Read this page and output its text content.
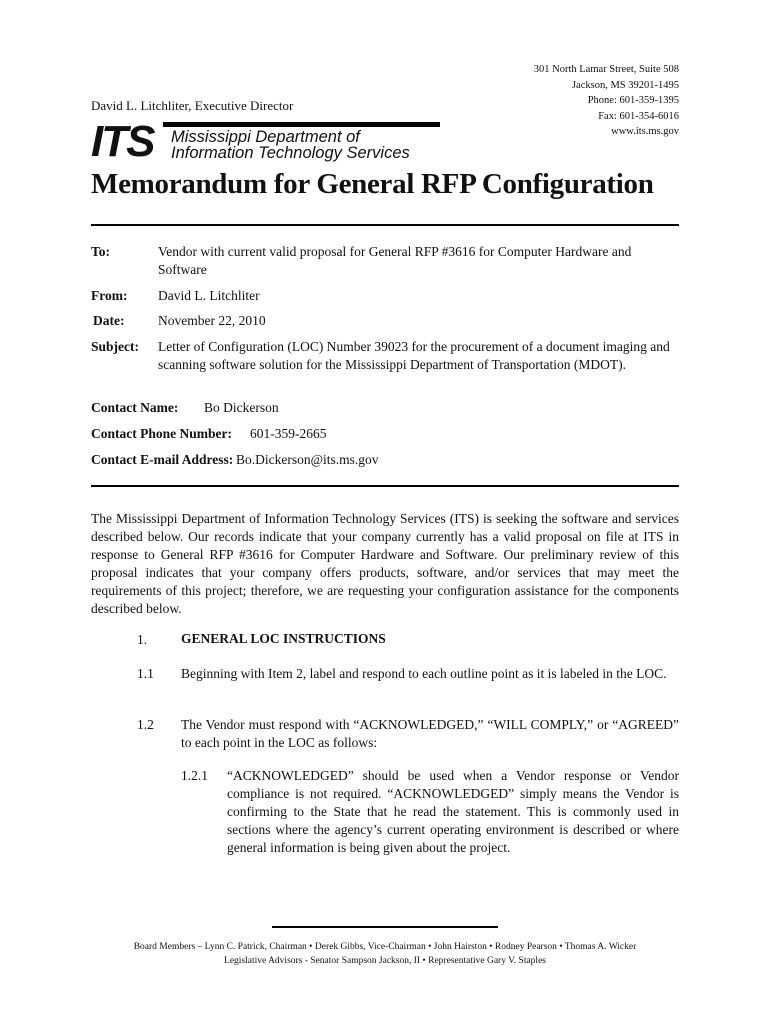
301 North Lamar Street, Suite 508
Jackson, MS 39201-1495
Phone: 601-359-1395
Fax: 601-354-6016
www.its.ms.gov
David L. Litchliter, Executive Director
ITS Mississippi Department of
Information Technology Services
Memorandum for General RFP Configuration
To:	Vendor with current valid proposal for General RFP #3616 for Computer Hardware and Software
From: David L. Litchliter
Date: November 22, 2010
Subject: Letter of Configuration (LOC) Number 39023 for the procurement of a document imaging and scanning software solution for the Mississippi Department of Transportation (MDOT).
Contact Name: Bo Dickerson
Contact Phone Number: 601-359-2665
Contact E-mail Address: Bo.Dickerson@its.ms.gov
The Mississippi Department of Information Technology Services (ITS) is seeking the software and services described below. Our records indicate that your company currently has a valid proposal on file at ITS in response to General RFP #3616 for Computer Hardware and Software. Our preliminary review of this proposal indicates that your company offers products, software, and/or services that may meet the requirements of this project; therefore, we are requesting your configuration assistance for the components described below.
1.	GENERAL LOC INSTRUCTIONS
1.1 Beginning with Item 2, label and respond to each outline point as it is labeled in the LOC.
1.2 The Vendor must respond with “ACKNOWLEDGED,” “WILL COMPLY,” or “AGREED” to each point in the LOC as follows:
1.2.1 “ACKNOWLEDGED” should be used when a Vendor response or Vendor compliance is not required. “ACKNOWLEDGED” simply means the Vendor is confirming to the State that he read the statement. This is commonly used in sections where the agency’s current operating environment is described or where general information is being given about the project.
Board Members – Lynn C. Patrick, Chairman • Derek Gibbs, Vice-Chairman • John Hairston • Rodney Pearson • Thomas A. Wicker
Legislative Advisors - Senator Sampson Jackson, II • Representative Gary V. Staples
